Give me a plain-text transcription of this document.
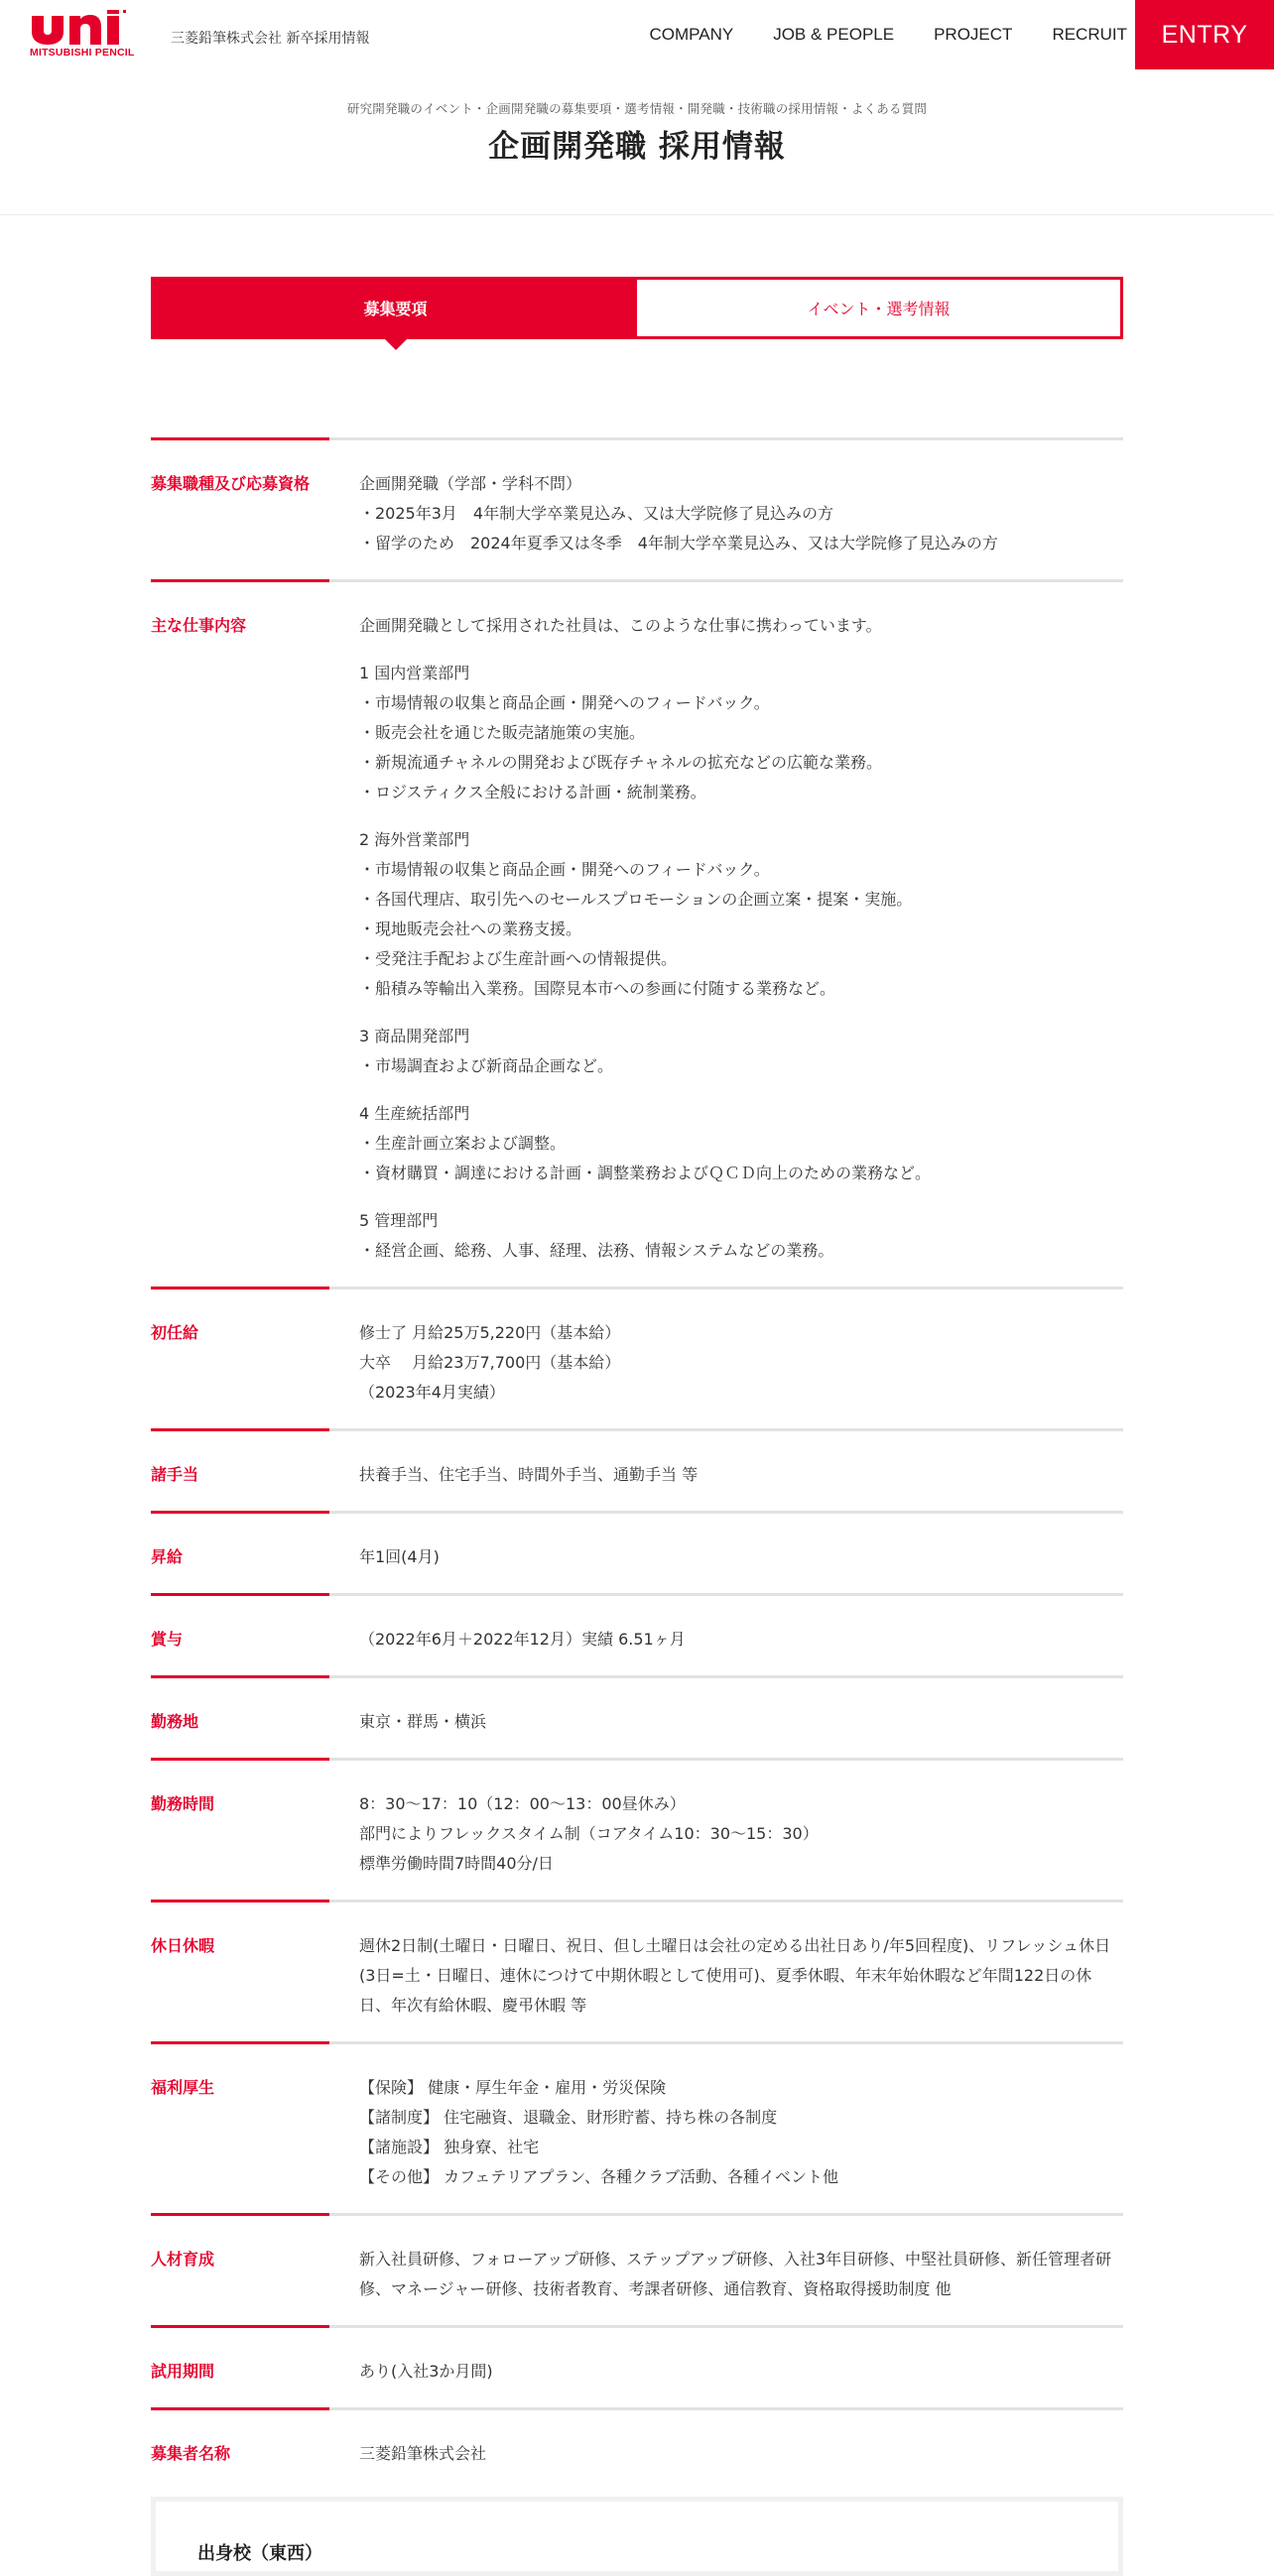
MITSUBISHI PENCIL
三菱鉛筆株式会社 新卒採用情報	COMPANY JOB & PEOPLE PROJECT RECRUIT	ENTRY
研究開発職のイベント・企画開発職の募集要項・選考情報・開発職・技術職の採用情報・よくある質問
企画開発職 採用情報
募集要項	イベント・選考情報
募集職種及び応募資格	企画開発職（学部・学科不問）
・2025年3月　4年制大学卒業見込み、又は大学院修了見込みの方
・留学のため　2024年夏季又は冬季　4年制大学卒業見込み、又は大学院修了見込みの方

主な仕事内容	企画開発職として採用された社員は、このような仕事に携わっています。

1 国内営業部門
・市場情報の収集と商品企画・開発へのフィードバック。
・販売会社を通じた販売諸施策の実施。
・新規流通チャネルの開発および既存チャネルの拡充などの広範な業務。
・ロジスティクス全般における計画・統制業務。

2 海外営業部門
・市場情報の収集と商品企画・開発へのフィードバック。
・各国代理店、取引先へのセールスプロモーションの企画立案・提案・実施。
・現地販売会社への業務支援。
・受発注手配および生産計画への情報提供。
・船積み等輸出入業務。国際見本市への参画に付随する業務など。

3 商品開発部門
・市場調査および新商品企画など。

4 生産統括部門
・生産計画立案および調整。
・資材購買・調達における計画・調整業務およびＱＣＤ向上のための業務など。

5 管理部門
・経営企画、総務、人事、経理、法務、情報システムなどの業務。

初任給	修士了 月給25万5,220円（基本給）
大卒　 月給23万7,700円（基本給）
（2023年4月実績）

諸手当	扶養手当、住宅手当、時間外手当、通勤手当 等

昇給	年1回(4月)

賞与	（2022年6月＋2022年12月）実績 6.51ヶ月

勤務地	東京・群馬・横浜

勤務時間	8：30〜17：10（12：00〜13：00昼休み）
部門によりフレックスタイム制（コアタイム10：30〜15：30）
標準労働時間7時間40分/日

休日休暇	週休2日制(土曜日・日曜日、祝日、但し土曜日は会社の定める出社日あり/年5回程度)、リフレッシュ休日(3日=土・日曜日、連休につけて中期休暇として使用可)、夏季休暇、年末年始休暇など年間122日の休日、年次有給休暇、慶弔休暇 等

福利厚生	【保険】 健康・厚生年金・雇用・労災保険
【諸制度】 住宅融資、退職金、財形貯蓄、持ち株の各制度
【諸施設】 独身寮、社宅
【その他】 カフェテリアプラン、各種クラブ活動、各種イベント他

人材育成	新入社員研修、フォローアップ研修、ステップアップ研修、入社3年目研修、中堅社員研修、新任管理者研修、マネージャー研修、技術者教育、考課者研修、通信教育、資格取得援助制度 他

試用期間	あり(入社3か月間)

募集者名称	三菱鉛筆株式会社

出身校（東西）
